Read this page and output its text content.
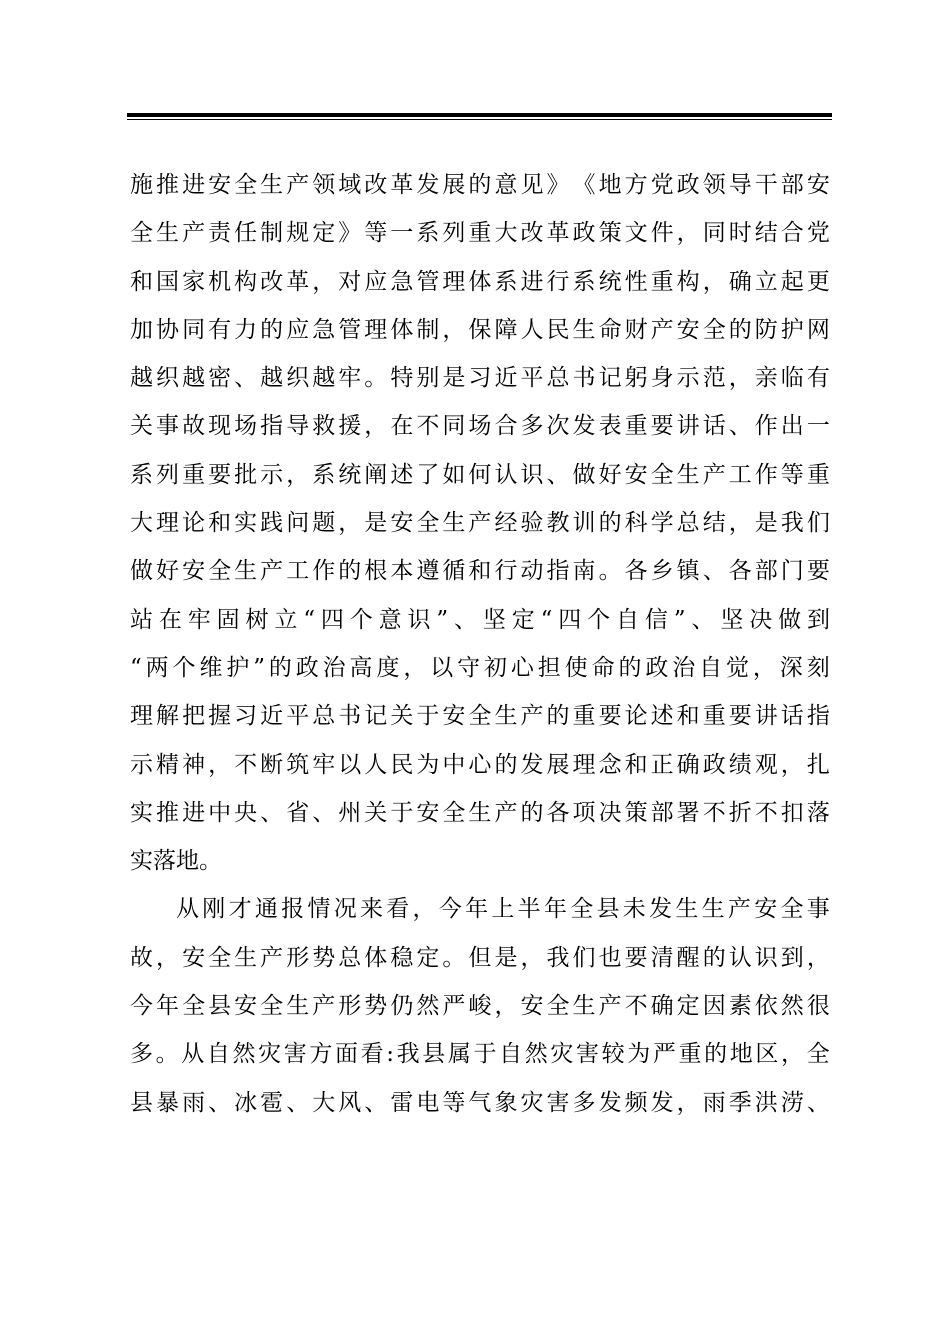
施 推 进 安 全 生 产 领 域 改 革 发 展 的 意 见 》 《 地 方 党 政 领 导 干 部 安
全 生 产 责 任 制 规 定 》 等 一 系 列 重 大 改 革 政 策 文 件 ， 同 时 结 合 党
和 国 家 机 构 改 革 ， 对 应 急 管 理 体 系 进 行 系 统 性 重 构 ， 确 立 起 更
加 协 同 有 力 的 应 急 管 理 体 制 ， 保 障 人 民 生 命 财 产 安 全 的 防 护 网
越 织 越 密 、 越 织 越 牢 。 特 别 是 习 近 平 总 书 记 躬 身 示 范 ， 亲 临 有
关 事 故 现 场 指 导 救 援 ， 在 不 同 场 合 多 次 发 表 重 要 讲 话 、 作 出 一
系 列 重 要 批 示 ， 系 统 阐 述 了 如 何 认 识 、 做 好 安 全 生 产 工 作 等 重
大 理 论 和 实 践 问 题 ， 是 安 全 生 产 经 验 教 训 的 科 学 总 结 ， 是 我 们
做 好 安 全 生 产 工 作 的 根 本 遵 循 和 行 动 指 南 。 各 乡 镇 、 各 部 门 要
站 在 牢 固 树 立 “ 四 个 意 识 ” 、 坚 定 “ 四 个 自 信 ” 、 坚 决 做 到
“ 两 个 维 护 ” 的 政 治 高 度 ， 以 守 初 心 担 使 命 的 政 治 自 觉 ， 深 刻
理 解 把 握 习 近 平 总 书 记 关 于 安 全 生 产 的 重 要 论 述 和 重 要 讲 话 指
示 精 神 ， 不 断 筑 牢 以 人 民 为 中 心 的 发 展 理 念 和 正 确 政 绩 观 ， 扎
实 推 进 中 央 、 省 、 州 关 于 安 全 生 产 的 各 项 决 策 部 署 不 折 不 扣 落
实落地。
从 刚 才 通 报 情 况 来 看 ， 今 年 上 半 年 全 县 未 发 生 生 产 安 全 事
故 ， 安 全 生 产 形 势 总 体 稳 定 。 但 是 ， 我 们 也 要 清 醒 的 认 识 到 ，
今 年 全 县 安 全 生 产 形 势 仍 然 严 峻 ， 安 全 生 产 不 确 定 因 素 依 然 很
多 。 从 自 然 灾 害 方 面 看 : 我 县 属 于 自 然 灾 害 较 为 严 重 的 地 区 ， 全
县 暴 雨 、 冰 雹 、 大 风 、 雷 电 等 气 象 灾 害 多 发 频 发 ， 雨 季 洪 涝 、
